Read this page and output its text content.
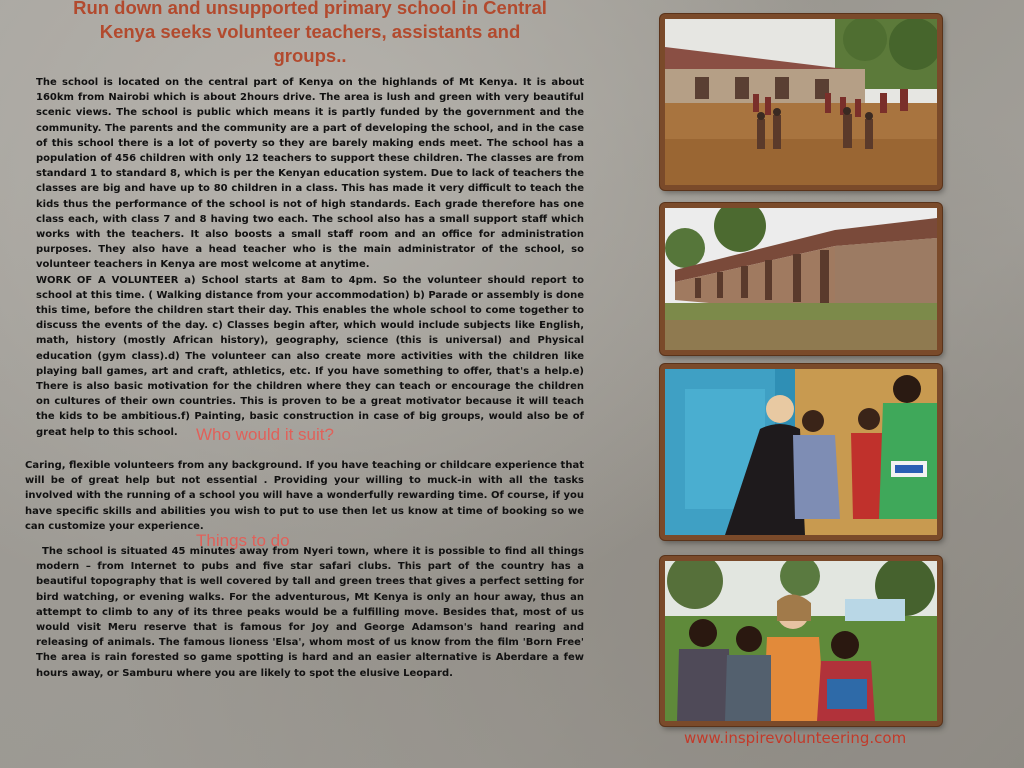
Run down and unsupported primary school in Central Kenya seeks volunteer teachers, assistants and groups..

The school is located on the central part of Kenya on the highlands of Mt Kenya. It is about 160km from Nairobi which is about 2hours drive. The area is lush and green with very beautiful scenic views. The school is public which means it is partly funded by the government and the community. The parents and the community are a part of developing the school, and in the case of this school there is a lot of poverty so they are barely making ends meet. The school has a population of 456 children with only 12 teachers to support these children. The classes are from standard 1 to standard 8, which is per the Kenyan education system. Due to lack of teachers the classes are big and have up to 80 children in a class. This has made it very difficult to teach the kids thus the performance of the school is not of high standards. Each grade therefore has one class each, with class 7 and 8 having two each. The school also has a small support staff which works with the teachers. It also boosts a small staff room and an office for administration purposes. They also have a head teacher who is the main administrator of the school, so volunteer teachers in Kenya are most welcome at anytime.

WORK OF A VOLUNTEER a) School starts at 8am to 4pm. So the volunteer should report to school at this time. ( Walking distance from your accommodation) b) Parade or assembly is done this time, before the children start their day. This enables the whole school to come together to discuss the events of the day. c) Classes begin after, which would include subjects like English, math, history (mostly African history), geography, science (this is universal) and Physical education (gym class).d) The volunteer can also create more activities with the children like playing ball games, art and craft, athletics, etc. If you have something to offer, that's a help.e) There is also basic motivation for the children where they can teach or encourage the children on cultures of their own countries. This is proven to be a great motivator because it will teach the kids to be ambitious.f) Painting, basic construction in case of big groups, would also be of great help to this school.	Who would it suit?
Caring, flexible volunteers from any background. If you have teaching or childcare experience that will be of great help but not essential . Providing your willing to muck-in with all the tasks involved with the running of a school you will have a wonderfully rewarding time. Of course, if you have specific skills and abilities you wish to put to use then let us know at time of booking so we can customize your experience.
Things to do
The school is situated 45 minutes away from Nyeri town, where it is possible to find all things modern – from Internet to pubs and five star safari clubs. This part of the country has a beautiful topography that is well covered by tall and green trees that gives a perfect setting for bird watching, or evening walks. For the adventurous, Mt Kenya is only an hour away, thus an attempt to climb to any of its three peaks would be a fulfilling move. Besides that, most of us would visit Meru reserve that is famous for Joy and George Adamson's hand rearing and releasing of animals. The famous lioness 'Elsa', whom most of us know from the film 'Born Free' The area is rain forested so game spotting is hard and an easier alternative is Aberdare a few hours away, or Samburu where you are likely to spot the elusive Leopard.
www.inspirevolunteering.com
